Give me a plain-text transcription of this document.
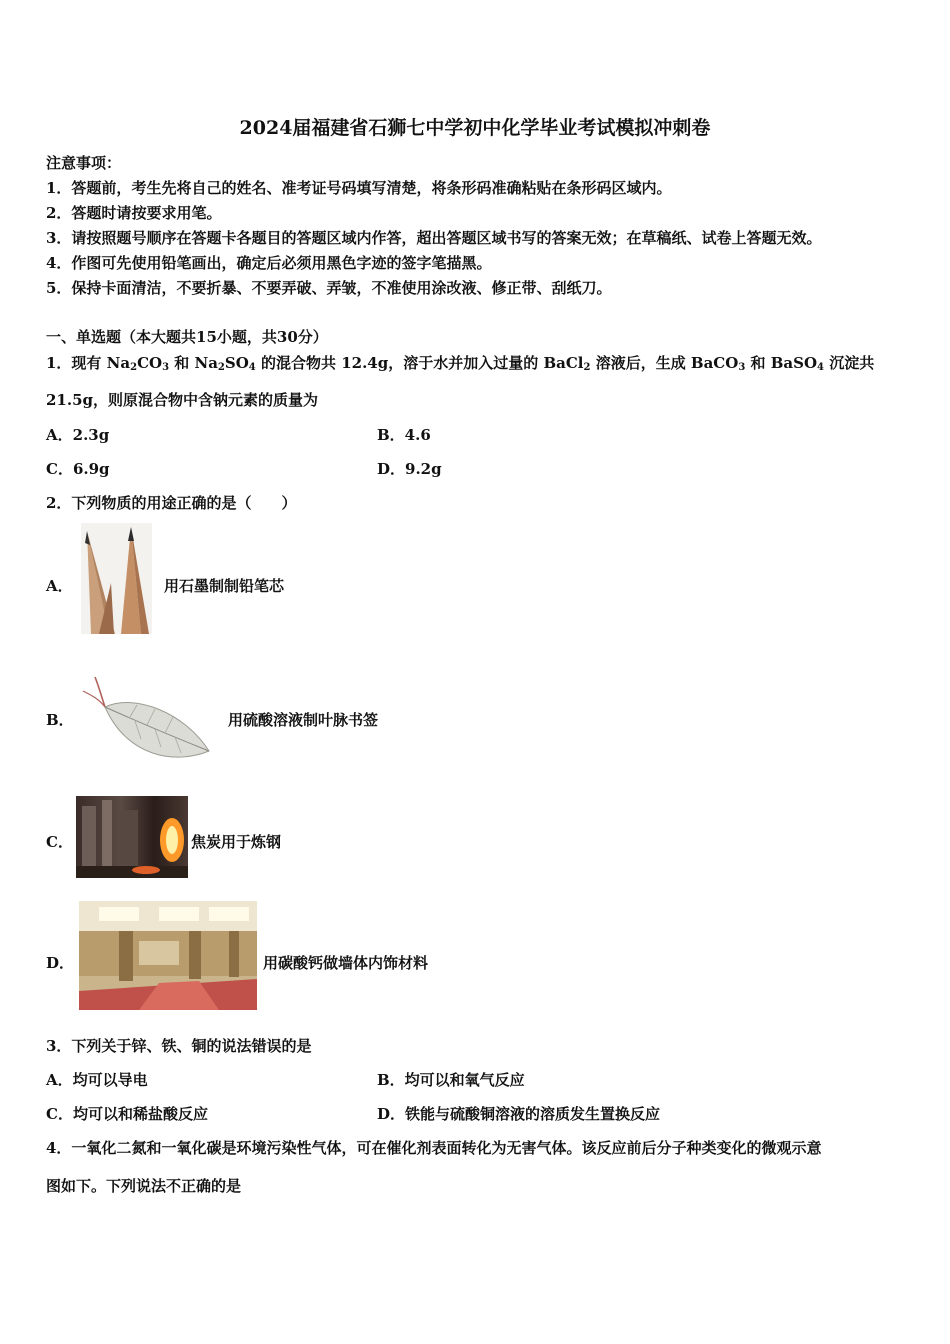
2024届福建省石狮七中学初中化学毕业考试模拟冲刺卷
注意事项：
1．答题前，考生先将自己的姓名、准考证号码填写清楚，将条形码准确粘贴在条形码区域内。
2．答题时请按要求用笔。
3．请按照题号顺序在答题卡各题目的答题区域内作答，超出答题区域书写的答案无效；在草稿纸、试卷上答题无效。
4．作图可先使用铅笔画出，确定后必须用黑色字迹的签字笔描黑。
5．保持卡面清洁，不要折暴、不要弄破、弄皱，不准使用涂改液、修正带、刮纸刀。
一、单选题（本大题共15小题，共30分）
1．现有 $Na_2CO_3$ 和 $Na_2SO_4$ 的混合物共 12.4g，溶于水并加入过量的 BaCl$_2$ 溶液后，生成 BaCO$_3$ 和 BaSO$_4$ 沉淀共
21.5g，则原混合物中含钠元素的质量为
A．2.3g	B．4.6
C．6.9g	D．9.2g
2．下列物质的用途正确的是（　　）
A．	用石墨制制铅笔芯
B．	用硫酸溶液制叶脉书签
C．	焦炭用于炼钢
D．	用碳酸钙做墙体内饰材料
3．下列关于锌、铁、铜的说法错误的是
A．均可以导电	B．均可以和氧气反应
C．均可以和稀盐酸反应	D．铁能与硫酸铜溶液的溶质发生置换反应
4．一氧化二氮和一氧化碳是环境污染性气体，可在催化剂表面转化为无害气体。该反应前后分子种类变化的微观示意
图如下。下列说法不正确的是
